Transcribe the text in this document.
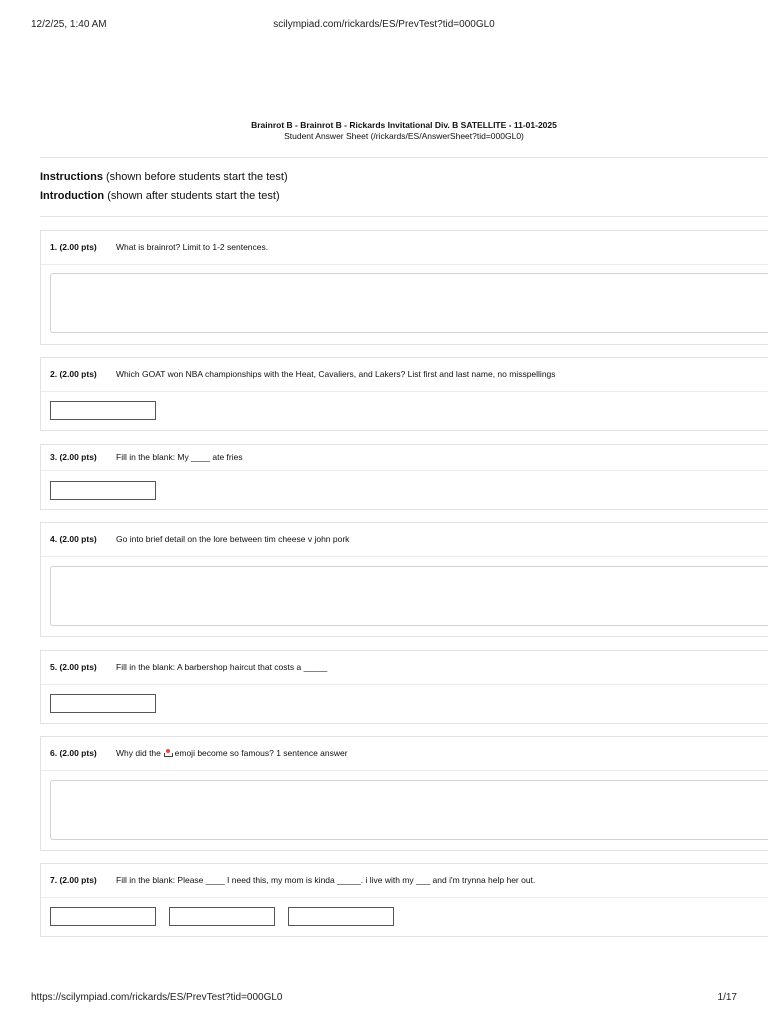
12/2/25, 1:40 AM	scilympiad.com/rickards/ES/PrevTest?tid=000GL0
Brainrot B - Brainrot B - Rickards Invitational Div. B SATELLITE - 11-01-2025
Student Answer Sheet (/rickards/ES/AnswerSheet?tid=000GL0)
Instructions (shown before students start the test)
Introduction (shown after students start the test)
1. (2.00 pts) What is brainrot? Limit to 1-2 sentences.
2. (2.00 pts) Which GOAT won NBA championships with the Heat, Cavaliers, and Lakers? List first and last name, no misspellings
3. (2.00 pts) Fill in the blank: My ____ ate fries
4. (2.00 pts) Go into brief detail on the lore between tim cheese v john pork
5. (2.00 pts) Fill in the blank: A barbershop haircut that costs a _____
6. (2.00 pts) Why did the emoji become so famous? 1 sentence answer
7. (2.00 pts) Fill in the blank: Please ____ I need this, my mom is kinda _____. i live with my ___ and i'm trynna help her out.
https://scilympiad.com/rickards/ES/PrevTest?tid=000GL0	1/17
